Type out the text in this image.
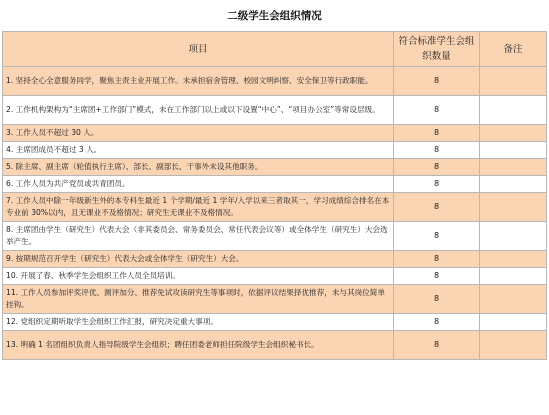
二级学生会组织情况
项目	符合标准学生会组织数量	备注
1. 坚持全心全意服务同学，聚焦主责主业开展工作。未承担宿舍管理、校园文明纠察、安全保卫等行政职能。	8	
2. 工作机构架构为“主席团+工作部门”模式，未在工作部门以上或以下设置“中心”、“项目办公室”等常设层级。	8	
3. 工作人员不超过 30 人。	8	
4. 主席团成员不超过 3 人。	8	
5. 除主席、副主席（轮值执行主席）、部长、副部长、干事外未设其他职务。	8	
6. 工作人员为共产党员或共青团员。	8	
7. 工作人员中除一年级新生外的本专科生最近 1 个学期/最近 1 学年/入学以来三者取其一，学习成绩综合排名在本专业前 30%以内，且无课业不及格情况；研究生无课业不及格情况。	8	
8. 主席团由学生（研究生）代表大会（非其委员会、常务委员会、常任代表会议等）或全体学生（研究生）大会选举产生。	8	
9. 按期规范召开学生（研究生）代表大会或全体学生（研究生）大会。	8	
10. 开展了春、秋季学生会组织工作人员全员培训。	8	
11. 工作人员参加评奖评优、测评加分、推荐免试攻读研究生等事项时，依据评议结果择优推荐，未与其岗位简单挂钩。	8	
12. 党组织定期听取学生会组织工作汇报，研究决定重大事项。	8	
13. 明确 1 名团组织负责人指导院级学生会组织；聘任团委老师担任院级学生会组织秘书长。	8	
